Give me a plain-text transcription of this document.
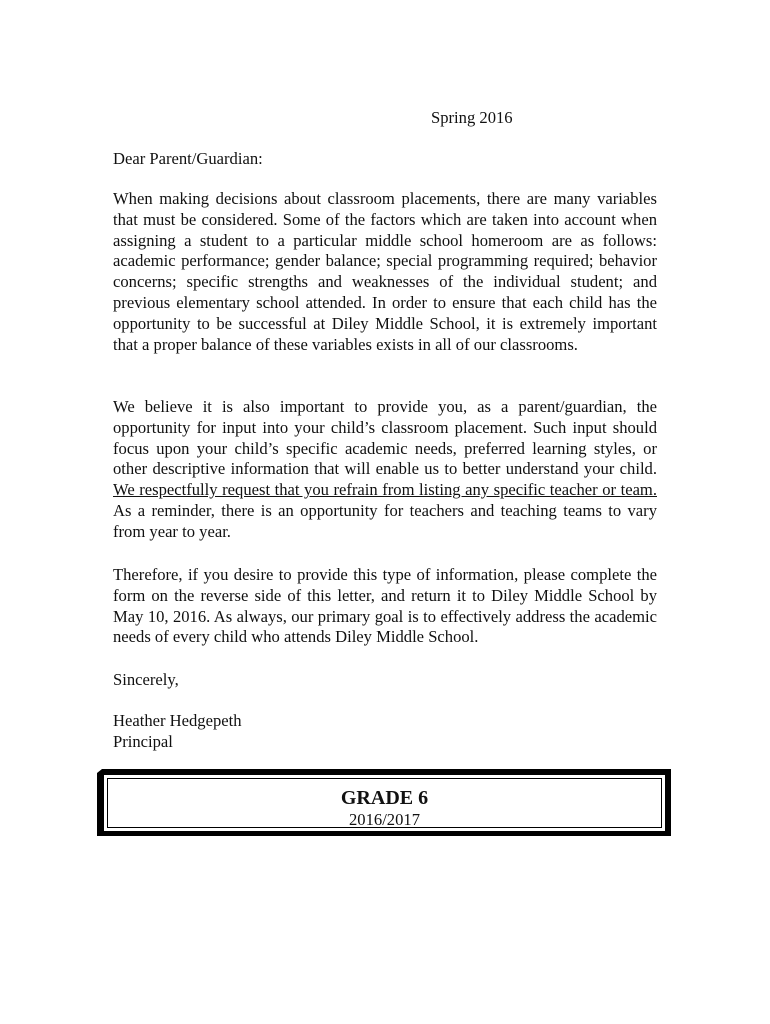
Spring 2016
Dear Parent/Guardian:

When making decisions about classroom placements, there are many variables that must be considered. Some of the factors which are taken into account when assigning a student to a particular middle school homeroom are as follows: academic performance; gender balance; special programming required; behavior concerns; specific strengths and weaknesses of the individual student; and previous elementary school attended. In order to ensure that each child has the opportunity to be successful at Diley Middle School, it is extremely important that a proper balance of these variables exists in all of our classrooms.

We believe it is also important to provide you, as a parent/guardian, the opportunity for input into your child’s classroom placement. Such input should focus upon your child’s specific academic needs, preferred learning styles, or other descriptive information that will enable us to better understand your child. We respectfully request that you refrain from listing any specific teacher or team. As a reminder, there is an opportunity for teachers and teaching teams to vary from year to year.

Therefore, if you desire to provide this type of information, please complete the form on the reverse side of this letter, and return it to Diley Middle School by May 10, 2016. As always, our primary goal is to effectively address the academic needs of every child who attends Diley Middle School.

Sincerely,
Heather Hedgepeth
Principal
GRADE 6
2016/2017
